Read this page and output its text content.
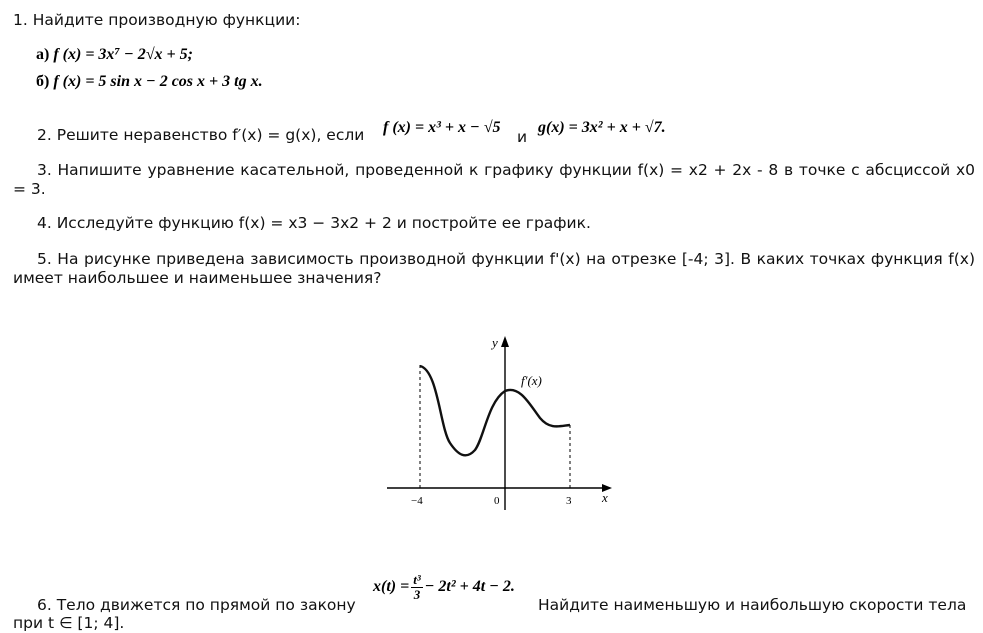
1. Найдите производную функции:

а) f (x) = 3x⁷ − 2√x + 5;
б) f (x) = 5 sin x − 2 cos x + 3 tg x.
2. Решите неравенство f′(x) = g(x), если f (x) = x³ + x − √5
и
g(x) = 3x² + x + √7.

3. Напишите уравнение касательной, проведенной к графику функции f(x) = x2 + 2x - 8 в точке с абсциссой x0 = 3.

4. Исследуйте функцию f(x) = x3 − 3x2 + 2 и постройте ее график.

5. На рисунке приведена зависимость производной функции f'(x) на отрезке [-4; 3]. В каких точках функция f(x) имеет наибольшее и наименьшее значения?

y
x
f′(x)
−4	0	3
6. Тело движется по прямой по закону
$x(t) = \frac{\text{t³}}{3} - 2t^2 + 4t - 2$.
Найдите наименьшую и наибольшую скорости тела
при t ∈ [1; 4].
